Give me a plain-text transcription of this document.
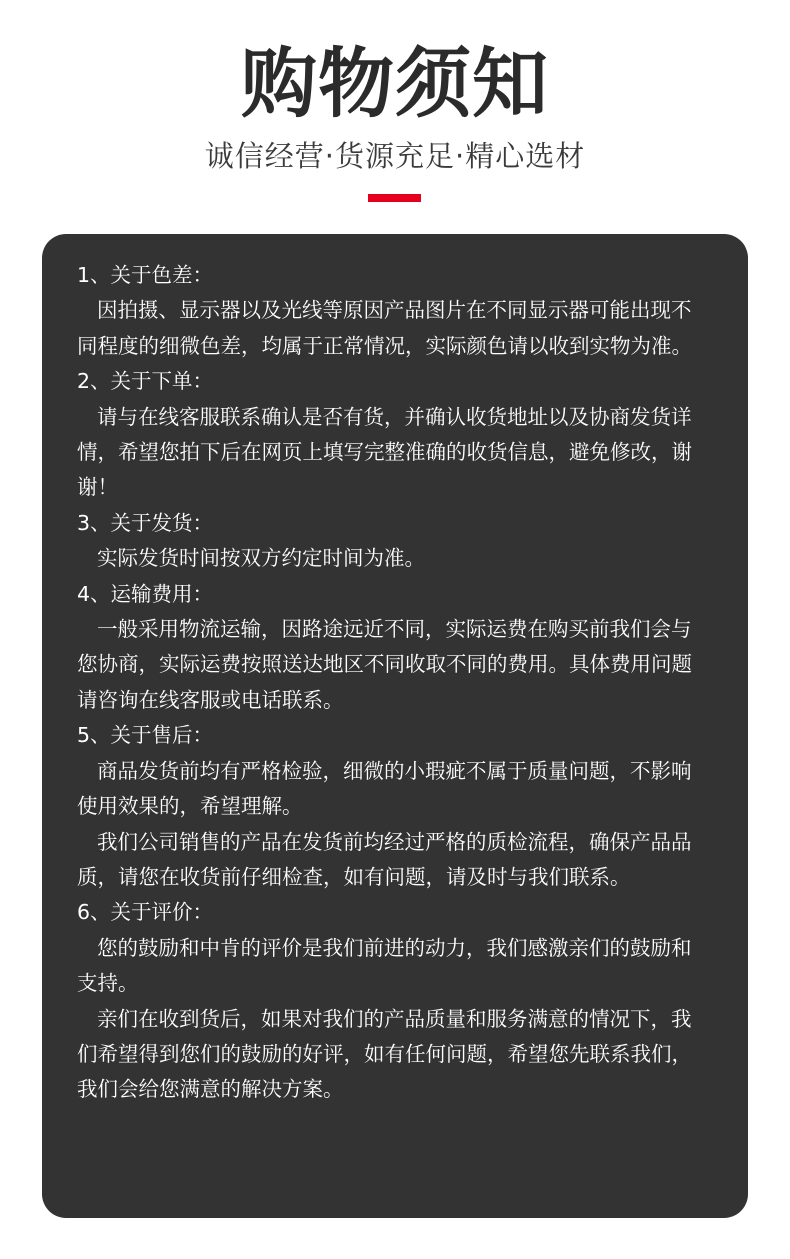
购物须知
诚信经营·货源充足·精心选材

1、关于色差：

因拍摄、显示器以及光线等原因产品图片在不同显示器可能出现不同程度的细微色差，均属于正常情况，实际颜色请以收到实物为准。

2、关于下单：

请与在线客服联系确认是否有货，并确认收货地址以及协商发货详情，希望您拍下后在网页上填写完整准确的收货信息，避免修改，谢谢！

3、关于发货：

实际发货时间按双方约定时间为准。

4、运输费用：

一般采用物流运输，因路途远近不同，实际运费在购买前我们会与您协商，实际运费按照送达地区不同收取不同的费用。具体费用问题请咨询在线客服或电话联系。

5、关于售后：

商品发货前均有严格检验，细微的小瑕疵不属于质量问题，不影响使用效果的，希望理解。

我们公司销售的产品在发货前均经过严格的质检流程，确保产品品质，请您在收货前仔细检查，如有问题，请及时与我们联系。

6、关于评价：

您的鼓励和中肯的评价是我们前进的动力，我们感激亲们的鼓励和支持。

亲们在收到货后，如果对我们的产品质量和服务满意的情况下，我们希望得到您们的鼓励的好评，如有任何问题，希望您先联系我们，我们会给您满意的解决方案。
